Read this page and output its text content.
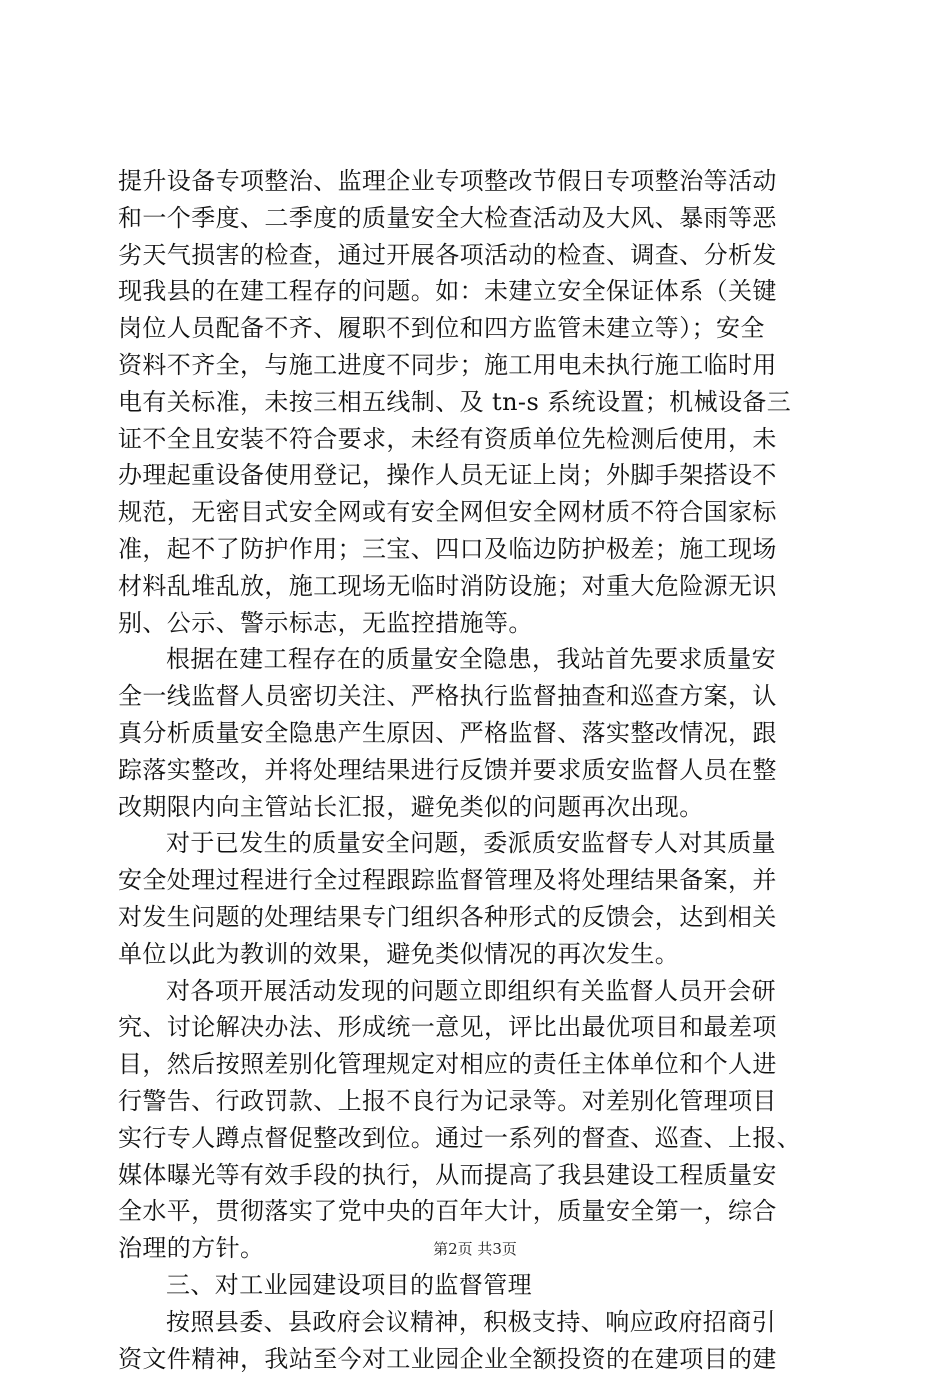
提升设备专项整治、监理企业专项整改节假日专项整治等活动
和一个季度、二季度的质量安全大检查活动及大风、暴雨等恶
劣天气损害的检查，通过开展各项活动的检查、调查、分析发
现我县的在建工程存的问题。如：未建立安全保证体系（关键
岗位人员配备不齐、履职不到位和四方监管未建立等）；安全
资料不齐全，与施工进度不同步；施工用电未执行施工临时用
电有关标准，未按三相五线制、及 tn-s 系统设置；机械设备三
证不全且安装不符合要求，未经有资质单位先检测后使用，未
办理起重设备使用登记，操作人员无证上岗；外脚手架搭设不
规范，无密目式安全网或有安全网但安全网材质不符合国家标
准，起不了防护作用；三宝、四口及临边防护极差；施工现场
材料乱堆乱放，施工现场无临时消防设施；对重大危险源无识
别、公示、警示标志，无监控措施等。
根据在建工程存在的质量安全隐患，我站首先要求质量安
全一线监督人员密切关注、严格执行监督抽查和巡查方案，认
真分析质量安全隐患产生原因、严格监督、落实整改情况，跟
踪落实整改，并将处理结果进行反馈并要求质安监督人员在整
改期限内向主管站长汇报，避免类似的问题再次出现。
对于已发生的质量安全问题，委派质安监督专人对其质量
安全处理过程进行全过程跟踪监督管理及将处理结果备案，并
对发生问题的处理结果专门组织各种形式的反馈会，达到相关
单位以此为教训的效果，避免类似情况的再次发生。
对各项开展活动发现的问题立即组织有关监督人员开会研
究、讨论解决办法、形成统一意见，评比出最优项目和最差项
目，然后按照差别化管理规定对相应的责任主体单位和个人进
行警告、行政罚款、上报不良行为记录等。对差别化管理项目
实行专人蹲点督促整改到位。通过一系列的督查、巡查、上报、
媒体曝光等有效手段的执行，从而提高了我县建设工程质量安
全水平，贯彻落实了党中央的百年大计，质量安全第一，综合
治理的方针。
三、对工业园建设项目的监督管理
按照县委、县政府会议精神，积极支持、响应政府招商引
资文件精神，我站至今对工业园企业全额投资的在建项目的建
第2页 共3页
